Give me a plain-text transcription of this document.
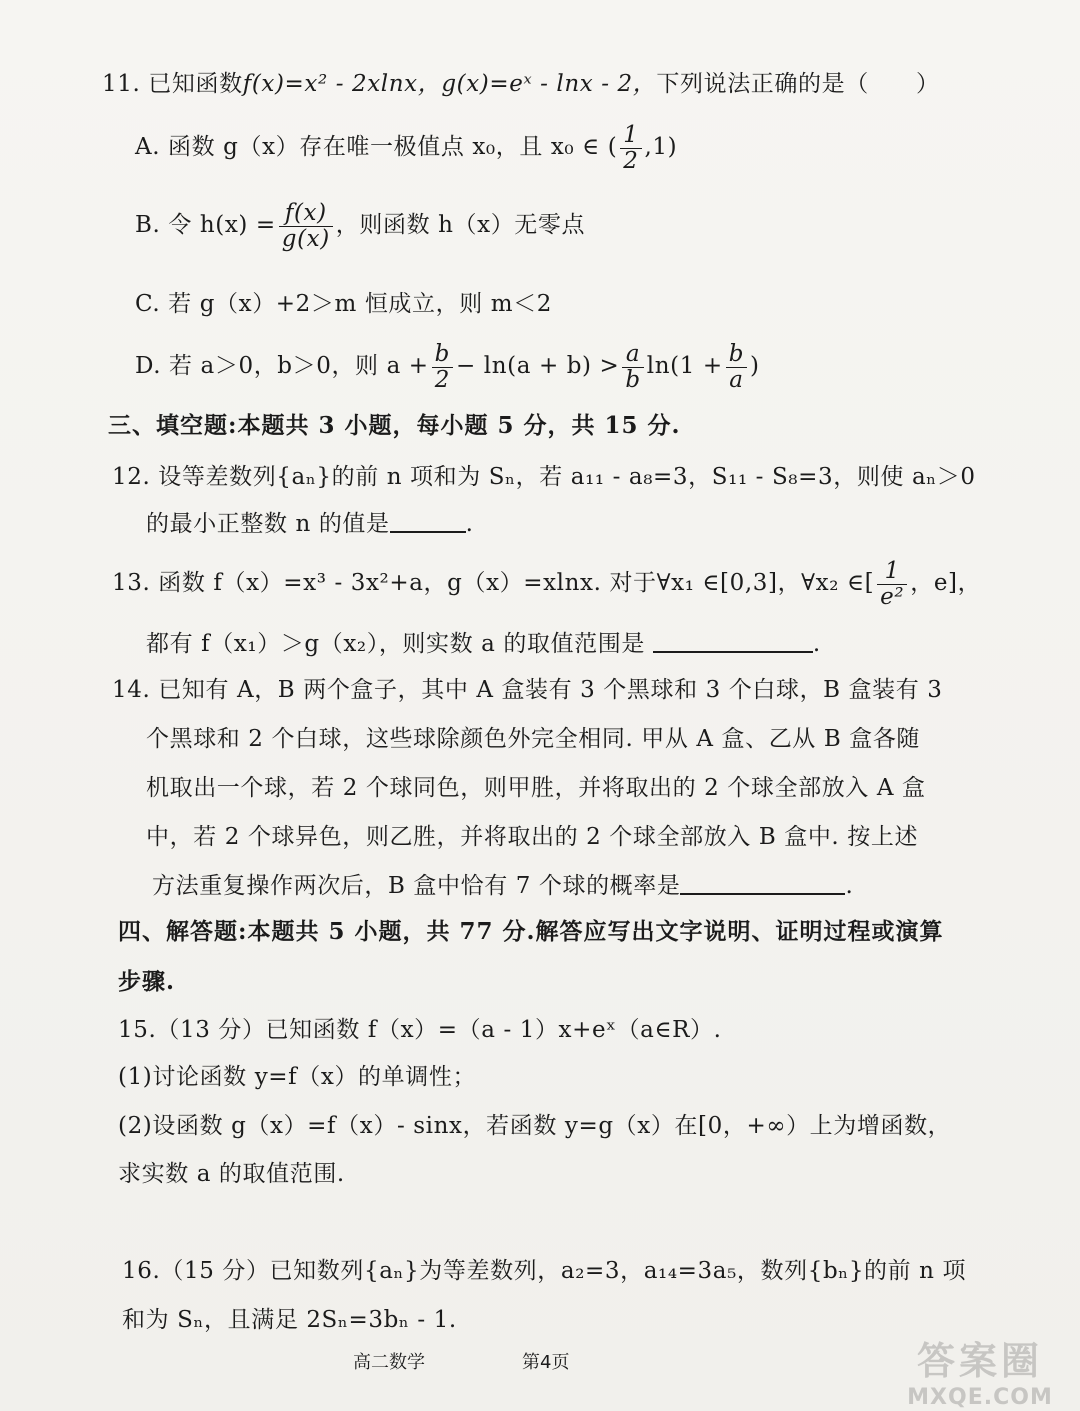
11. 已知函数f(x)=x² - 2xlnx，g(x)=eˣ - lnx - 2，下列说法正确的是（　　）
A. 函数 g（x）存在唯一极值点 x₀，且 x₀ ∈ ( $\frac{1}{2} ,1$)
B. 令 $h(x) = \frac{f(x)}{g(x)}$ ，则函数 h（x）无零点
C. 若 g（x）+2＞m 恒成立，则 m＜2
D. 若 a＞0，b＞0，则 $a + \frac{b}{2} - \ln(a + b) > \frac{a}{b} \ln(1 + \frac{b}{a}$ )
三、填空题:本题共 3 小题，每小题 5 分，共 15 分.
12. 设等差数列{aₙ}的前 n 项和为 Sₙ，若 a₁₁ - a₈=3，S₁₁ - S₈=3，则使 aₙ＞0
的最小正整数 n 的值是	.
13. 函数 f（x）=x³ - 3x²+a，g（x）=xlnx. 对于∀x₁ ∈[0,3]，∀x₂ ∈[ $\frac{1}{\text{e²}}$ ，e]，
都有 f（x₁）＞g（x₂），则实数 a 的取值范围是	.
14. 已知有 A，B 两个盒子，其中 A 盒装有 3 个黑球和 3 个白球，B 盒装有 3
个黑球和 2 个白球，这些球除颜色外完全相同. 甲从 A 盒、乙从 B 盒各随
机取出一个球，若 2 个球同色，则甲胜，并将取出的 2 个球全部放入 A 盒
中，若 2 个球异色，则乙胜，并将取出的 2 个球全部放入 B 盒中. 按上述
方法重复操作两次后，B 盒中恰有 7 个球的概率是	.
四、解答题:本题共 5 小题，共 77 分.解答应写出文字说明、证明过程或演算
步骤.
15.（13 分）已知函数 f（x）=（a - 1）x+eˣ（a∈R）.
(1)讨论函数 y=f（x）的单调性；
(2)设函数 g（x）=f（x）- sinx，若函数 y=g（x）在[0，+∞）上为增函数，
求实数 a 的取值范围.
16.（15 分）已知数列{aₙ}为等差数列，a₂=3，a₁₄=3a₅，数列{bₙ}的前 n 项
和为 Sₙ，且满足 2Sₙ=3bₙ - 1.
高二数学	第4页	答案圈
MXQE.COM
